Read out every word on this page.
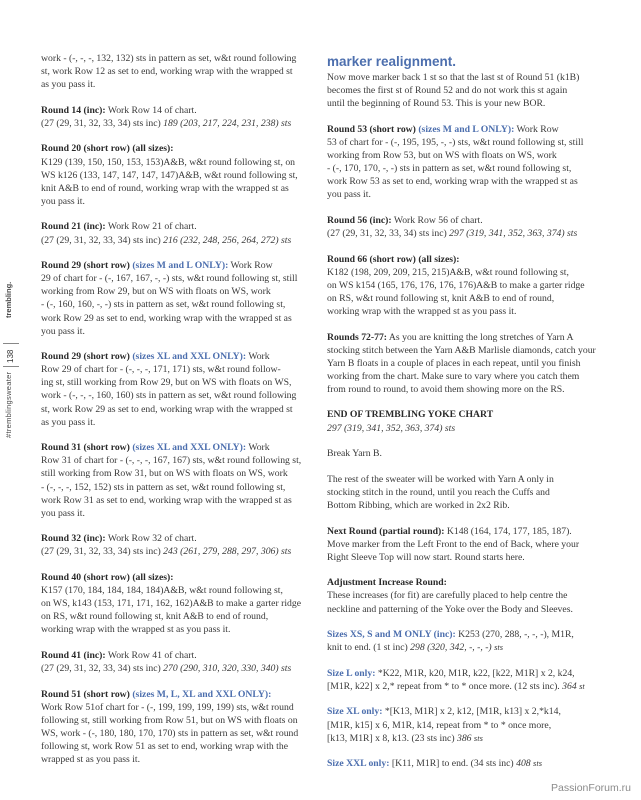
trembling.
138
#tremblingsweater
work - (-, -, -, 132, 132) sts in pattern as set, w&t round following
st, work Row 12 as set to end, working wrap with the wrapped st
as you pass it.
Round 14 (inc): Work Row 14 of chart.
(27 (29, 31, 32, 33, 34) sts inc) 189 (203, 217, 224, 231, 238) sts
Round 20 (short row) (all sizes):
K129 (139, 150, 150, 153, 153)A&B, w&t round following st, on
WS k126 (133, 147, 147, 147, 147)A&B, w&t round following st,
knit A&B to end of round, working wrap with the wrapped st as
you pass it.
Round 21 (inc): Work Row 21 of chart.
(27 (29, 31, 32, 33, 34) sts inc) 216 (232, 248, 256, 264, 272) sts
Round 29 (short row) (sizes M and L ONLY): Work Row
29 of chart for - (-, 167, 167, -, -) sts, w&t round following st, still
working from Row 29, but on WS with floats on WS, work
- (-, 160, 160, -, -) sts in pattern as set, w&t round following st,
work Row 29 as set to end, working wrap with the wrapped st as
you pass it.
Round 29 (short row) (sizes XL and XXL ONLY): Work
Row 29 of chart for - (-, -, -, 171, 171) sts, w&t round follow-
ing st, still working from Row 29, but on WS with floats on WS,
work - (-, -, -, 160, 160) sts in pattern as set, w&t round following
st, work Row 29 as set to end, working wrap with the wrapped st
as you pass it.
Round 31 (short row) (sizes XL and XXL ONLY): Work
Row 31 of chart for - (-, -, -, 167, 167) sts, w&t round following st,
still working from Row 31, but on WS with floats on WS, work
- (-, -, -, 152, 152) sts in pattern as set, w&t round following st,
work Row 31 as set to end, working wrap with the wrapped st as
you pass it.
Round 32 (inc): Work Row 32 of chart.
(27 (29, 31, 32, 33, 34) sts inc) 243 (261, 279, 288, 297, 306) sts
Round 40 (short row) (all sizes):
K157 (170, 184, 184, 184, 184)A&B, w&t round following st,
on WS, k143 (153, 171, 171, 162, 162)A&B to make a garter ridge
on RS, w&t round following st, knit A&B to end of round,
working wrap with the wrapped st as you pass it.
Round 41 (inc): Work Row 41 of chart.
(27 (29, 31, 32, 33, 34) sts inc) 270 (290, 310, 320, 330, 340) sts
Round 51 (short row) (sizes M, L, XL and XXL ONLY):
Work Row 51of chart for - (-, 199, 199, 199, 199) sts, w&t round
following st, still working from Row 51, but on WS with floats on
WS, work - (-, 180, 180, 170, 170) sts in pattern as set, w&t round
following st, work Row 51 as set to end, working wrap with the
wrapped st as you pass it.
marker realignment.
Now move marker back 1 st so that the last st of Round 51 (k1B)
becomes the first st of Round 52 and do not work this st again
until the beginning of Round 53. This is your new BOR.
Round 53 (short row) (sizes M and L ONLY): Work Row
53 of chart for - (-, 195, 195, -, -) sts, w&t round following st, still
working from Row 53, but on WS with floats on WS, work
- (-, 170, 170, -, -) sts in pattern as set, w&t round following st,
work Row 53 as set to end, working wrap with the wrapped st as
you pass it.
Round 56 (inc): Work Row 56 of chart.
(27 (29, 31, 32, 33, 34) sts inc) 297 (319, 341, 352, 363, 374) sts
Round 66 (short row) (all sizes):
K182 (198, 209, 209, 215, 215)A&B, w&t round following st,
on WS k154 (165, 176, 176, 176, 176)A&B to make a garter ridge
on RS, w&t round following st, knit A&B to end of round,
working wrap with the wrapped st as you pass it.
Rounds 72-77: As you are knitting the long stretches of Yarn A
stocking stitch between the Yarn A&B Marlisle diamonds, catch your
Yarn B floats in a couple of places in each repeat, until you finish
working from the chart. Make sure to vary where you catch them
from round to round, to avoid them showing more on the RS.
END OF TREMBLING YOKE CHART
297 (319, 341, 352, 363, 374) sts
Break Yarn B.
The rest of the sweater will be worked with Yarn A only in
stocking stitch in the round, until you reach the Cuffs and
Bottom Ribbing, which are worked in 2x2 Rib.
Next Round (partial round): K148 (164, 174, 177, 185, 187).
Move marker from the Left Front to the end of Back, where your
Right Sleeve Top will now start. Round starts here.
Adjustment Increase Round:
These increases (for fit) are carefully placed to help centre the
neckline and patterning of the Yoke over the Body and Sleeves.
Sizes XS, S and M ONLY (inc): K253 (270, 288, -, -, -), M1R,
knit to end. (1 st inc) 298 (320, 342, -, -, -) sts
Size L only: *K22, M1R, k20, M1R, k22, [k22, M1R] x 2, k24,
[M1R, k22] x 2,* repeat from * to * once more. (12 sts inc). 364 st
Size XL only: *[K13, M1R] x 2, k12, [M1R, k13] x 2,*k14,
[M1R, k15] x 6, M1R, k14, repeat from * to * once more,
[k13, M1R] x 8, k13. (23 sts inc) 386 sts
Size XXL only: [K11, M1R] to end. (34 sts inc) 408 sts
PassionForum.ru
